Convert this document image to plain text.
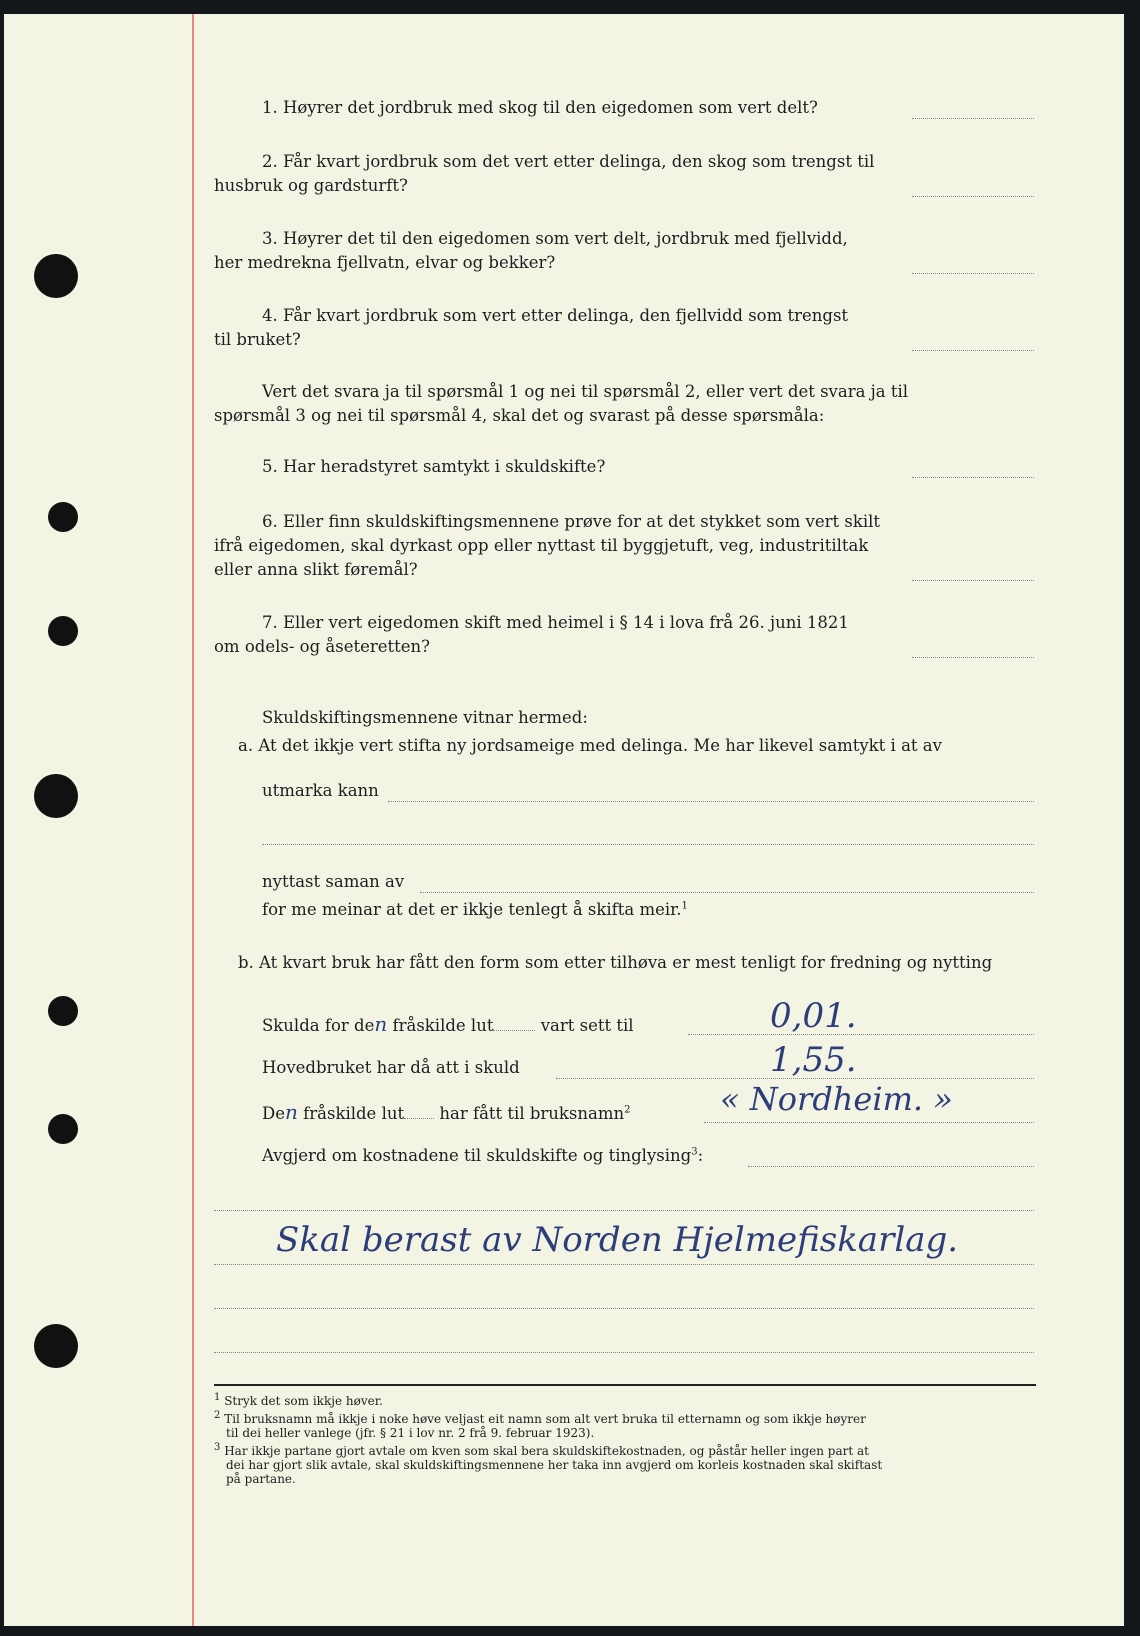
1. Høyrer det jordbruk med skog til den eigedomen som vert delt?
2. Får kvart jordbruk som det vert etter delinga, den skog som trengst til
husbruk og gardsturft?
3. Høyrer det til den eigedomen som vert delt, jordbruk med fjellvidd,
her medrekna fjellvatn, elvar og bekker?
4. Får kvart jordbruk som vert etter delinga, den fjellvidd som trengst
til bruket?
Vert det svara ja til spørsmål 1 og nei til spørsmål 2, eller vert det svara ja til
spørsmål 3 og nei til spørsmål 4, skal det og svarast på desse spørsmåla:
5. Har heradstyret samtykt i skuldskifte?
6. Eller finn skuldskiftingsmennene prøve for at det stykket som vert skilt
ifrå eigedomen, skal dyrkast opp eller nyttast til byggjetuft, veg, industritiltak
eller anna slikt føremål?
7. Eller vert eigedomen skift med heimel i § 14 i lova frå 26. juni 1821
om odels- og åseteretten?
Skuldskiftingsmennene vitnar hermed:
a. At det ikkje vert stifta ny jordsameige med delinga. Me har likevel samtykt i at av
utmarka kann
nyttast saman av
for me meinar at det er ikkje tenlegt å skifta meir.$^1$
b. At kvart bruk har fått den form som etter tilhøva er mest tenligt for fredning og nytting
Skulda for den fråskilde lut	vart sett til	0,01.
Hovedbruket har då att i skuld	1,55.
Den fråskilde lut har fått til bruksnamn$^2$	« Nordheim. »
Avgjerd om kostnadene til skuldskifte og tinglysing$^3$:
Skal berast av Norden Hjelmefiskarlag.
$^1$ Stryk det som ikkje høver.
$^2$ Til bruksnamn må ikkje i noke høve veljast eit namn som alt vert bruka til etternamn og som ikkje høyrer
til dei heller vanlege (jfr. § 21 i lov nr. 2 frå 9. februar 1923).
$^3$ Har ikkje partane gjort avtale om kven som skal bera skuldskiftekostnaden, og påstår heller ingen part at
dei har gjort slik avtale, skal skuldskiftingsmennene her taka inn avgjerd om korleis kostnaden skal skiftast
på partane.
